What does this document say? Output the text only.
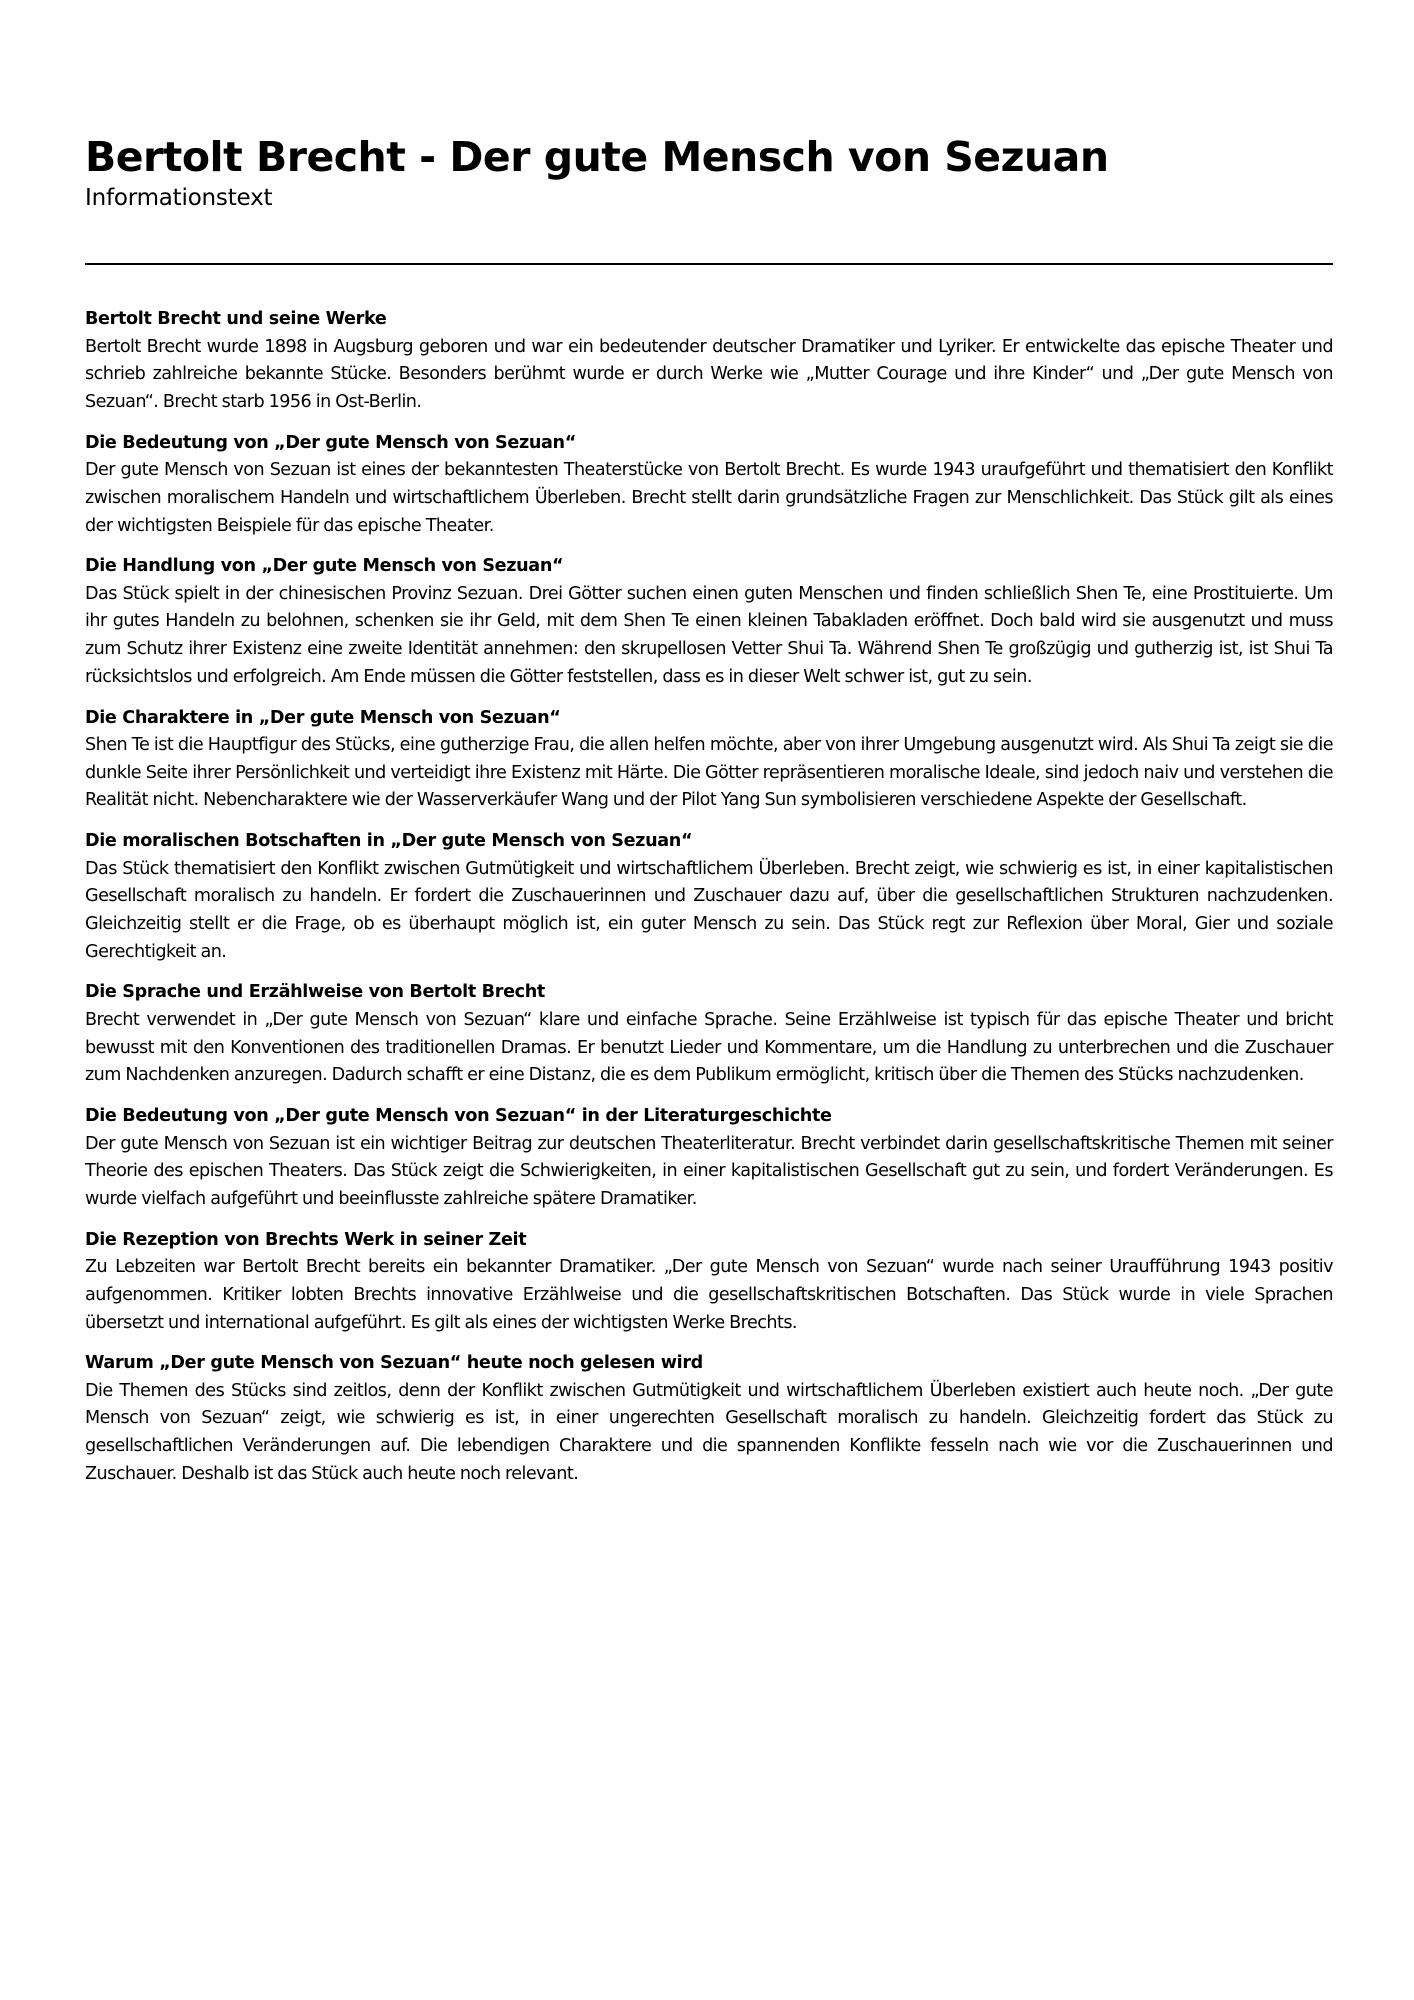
Bertolt Brecht - Der gute Mensch von Sezuan
Informationstext
Bertolt Brecht und seine Werke

Bertolt Brecht wurde 1898 in Augsburg geboren und war ein bedeutender deutscher Dramatiker und Lyriker. Er entwickelte das epische Theater und schrieb zahlreiche bekannte Stücke. Besonders berühmt wurde er durch Werke wie „Mutter Courage und ihre Kinder“ und „Der gute Mensch von Sezuan“. Brecht starb 1956 in Ost-Berlin.

Die Bedeutung von „Der gute Mensch von Sezuan“

Der gute Mensch von Sezuan ist eines der bekanntesten Theaterstücke von Bertolt Brecht. Es wurde 1943 uraufgeführt und thematisiert den Konflikt zwischen moralischem Handeln und wirtschaftlichem Überleben. Brecht stellt darin grundsätzliche Fragen zur Menschlichkeit. Das Stück gilt als eines der wichtigsten Beispiele für das epische Theater.

Die Handlung von „Der gute Mensch von Sezuan“

Das Stück spielt in der chinesischen Provinz Sezuan. Drei Götter suchen einen guten Menschen und finden schließlich Shen Te, eine Prostituierte. Um ihr gutes Handeln zu belohnen, schenken sie ihr Geld, mit dem Shen Te einen kleinen Tabakladen eröffnet. Doch bald wird sie ausgenutzt und muss zum Schutz ihrer Existenz eine zweite Identität annehmen: den skrupellosen Vetter Shui Ta. Während Shen Te großzügig und gutherzig ist, ist Shui Ta rücksichtslos und erfolgreich. Am Ende müssen die Götter feststellen, dass es in dieser Welt schwer ist, gut zu sein.

Die Charaktere in „Der gute Mensch von Sezuan“

Shen Te ist die Hauptfigur des Stücks, eine gutherzige Frau, die allen helfen möchte, aber von ihrer Umgebung ausgenutzt wird. Als Shui Ta zeigt sie die dunkle Seite ihrer Persönlichkeit und verteidigt ihre Existenz mit Härte. Die Götter repräsentieren moralische Ideale, sind jedoch naiv und verstehen die Realität nicht. Nebencharaktere wie der Wasserverkäufer Wang und der Pilot Yang Sun symbolisieren verschiedene Aspekte der Gesellschaft.

Die moralischen Botschaften in „Der gute Mensch von Sezuan“

Das Stück thematisiert den Konflikt zwischen Gutmütigkeit und wirtschaftlichem Überleben. Brecht zeigt, wie schwierig es ist, in einer kapitalistischen Gesellschaft moralisch zu handeln. Er fordert die Zuschauerinnen und Zuschauer dazu auf, über die gesellschaftlichen Strukturen nachzudenken. Gleichzeitig stellt er die Frage, ob es überhaupt möglich ist, ein guter Mensch zu sein. Das Stück regt zur Reflexion über Moral, Gier und soziale Gerechtigkeit an.

Die Sprache und Erzählweise von Bertolt Brecht

Brecht verwendet in „Der gute Mensch von Sezuan“ klare und einfache Sprache. Seine Erzählweise ist typisch für das epische Theater und bricht bewusst mit den Konventionen des traditionellen Dramas. Er benutzt Lieder und Kommentare, um die Handlung zu unterbrechen und die Zuschauer zum Nachdenken anzuregen. Dadurch schafft er eine Distanz, die es dem Publikum ermöglicht, kritisch über die Themen des Stücks nachzudenken.

Die Bedeutung von „Der gute Mensch von Sezuan“ in der Literaturgeschichte

Der gute Mensch von Sezuan ist ein wichtiger Beitrag zur deutschen Theaterliteratur. Brecht verbindet darin gesellschaftskritische Themen mit seiner Theorie des epischen Theaters. Das Stück zeigt die Schwierigkeiten, in einer kapitalistischen Gesellschaft gut zu sein, und fordert Veränderungen. Es wurde vielfach aufgeführt und beeinflusste zahlreiche spätere Dramatiker.

Die Rezeption von Brechts Werk in seiner Zeit

Zu Lebzeiten war Bertolt Brecht bereits ein bekannter Dramatiker. „Der gute Mensch von Sezuan“ wurde nach seiner Uraufführung 1943 positiv aufgenommen. Kritiker lobten Brechts innovative Erzählweise und die gesellschaftskritischen Botschaften. Das Stück wurde in viele Sprachen übersetzt und international aufgeführt. Es gilt als eines der wichtigsten Werke Brechts.

Warum „Der gute Mensch von Sezuan“ heute noch gelesen wird

Die Themen des Stücks sind zeitlos, denn der Konflikt zwischen Gutmütigkeit und wirtschaftlichem Überleben existiert auch heute noch. „Der gute Mensch von Sezuan“ zeigt, wie schwierig es ist, in einer ungerechten Gesellschaft moralisch zu handeln. Gleichzeitig fordert das Stück zu gesellschaftlichen Veränderungen auf. Die lebendigen Charaktere und die spannenden Konflikte fesseln nach wie vor die Zuschauerinnen und Zuschauer. Deshalb ist das Stück auch heute noch relevant.
